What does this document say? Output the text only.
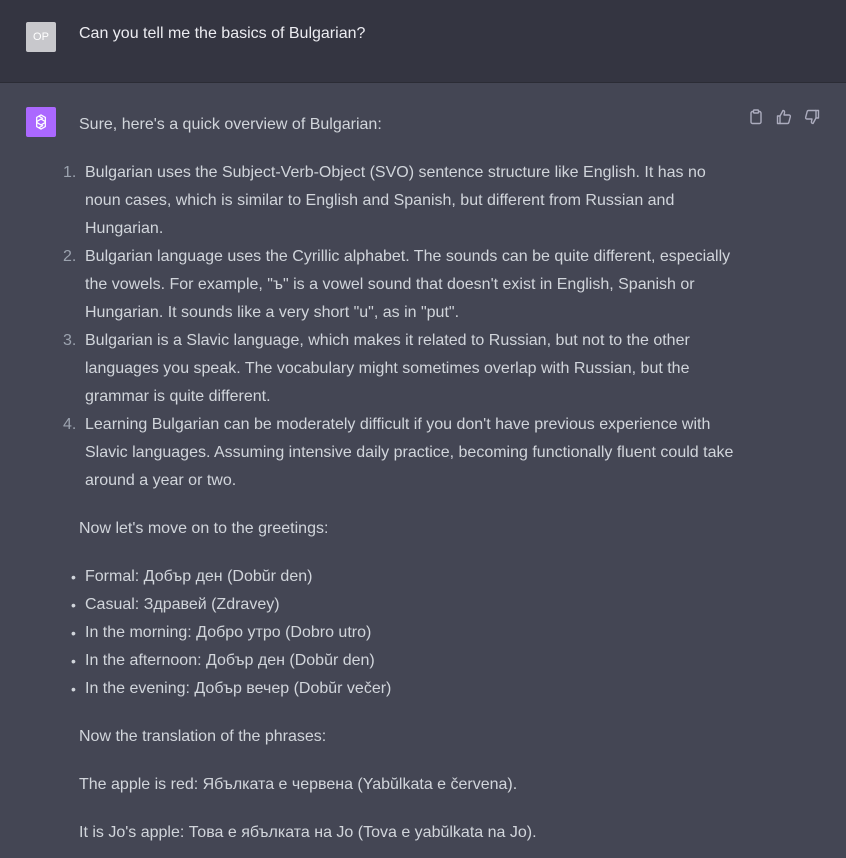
OP	Can you tell me the basics of Bulgarian?

Sure, here's a quick overview of Bulgarian:

1. Bulgarian uses the Subject-Verb-Object (SVO) sentence structure like English. It has no noun cases, which is similar to English and Spanish, but different from Russian and Hungarian.
2. Bulgarian language uses the Cyrillic alphabet. The sounds can be quite different, especially the vowels. For example, "ъ" is a vowel sound that doesn't exist in English, Spanish or Hungarian. It sounds like a very short "u", as in "put".
3. Bulgarian is a Slavic language, which makes it related to Russian, but not to the other languages you speak. The vocabulary might sometimes overlap with Russian, but the grammar is quite different.
4. Learning Bulgarian can be moderately difficult if you don't have previous experience with Slavic languages. Assuming intensive daily practice, becoming functionally fluent could take around a year or two.

Now let's move on to the greetings:

• Formal: Добър ден (Dobŭr den)
• Casual: Здравей (Zdravey)
• In the morning: Добро утро (Dobro utro)
• In the afternoon: Добър ден (Dobŭr den)
• In the evening: Добър вечер (Dobŭr večer)

Now the translation of the phrases:

The apple is red: Ябълката е червена (Yabŭlkata e červena).

It is Jo's apple: Това е ябълката на Jo (Tova e yabŭlkata na Jo).
